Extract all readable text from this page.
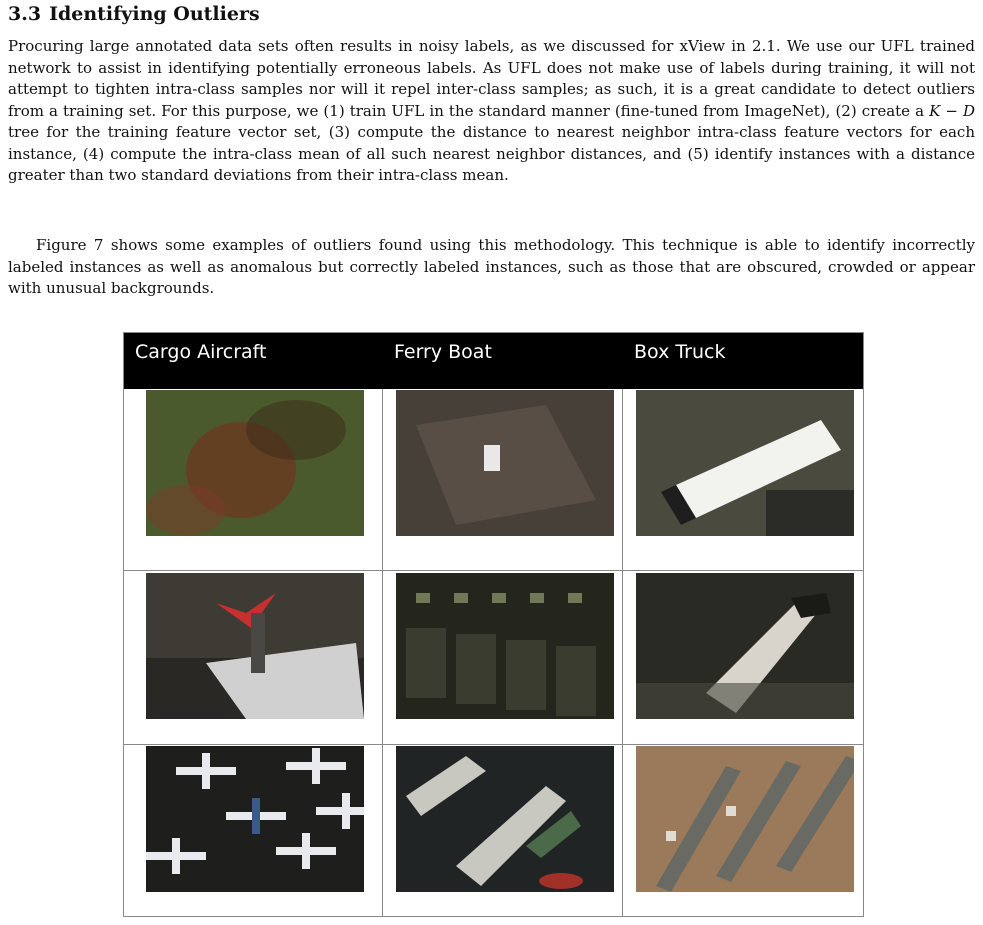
3.3 Identifying Outliers

Procuring large annotated data sets often results in noisy labels, as we discussed for xView in 2.1. We use our UFL trained network to assist in identifying potentially erroneous labels. As UFL does not make use of labels during training, it will not attempt to tighten intra-class samples nor will it repel inter-class samples; as such, it is a great candidate to detect outliers from a training set. For this purpose, we (1) train UFL in the standard manner (fine-tuned from ImageNet), (2) create a K − D tree for the training feature vector set, (3) compute the distance to nearest neighbor intra-class feature vectors for each instance, (4) compute the intra-class mean of all such nearest neighbor distances, and (5) identify instances with a distance greater than two standard deviations from their intra-class mean.

Figure 7 shows some examples of outliers found using this methodology. This technique is able to identify incorrectly labeled instances as well as anomalous but correctly labeled instances, such as those that are obscured, crowded or appear with unusual backgrounds.

Cargo Aircraft	Ferry Boat	Box Truck
